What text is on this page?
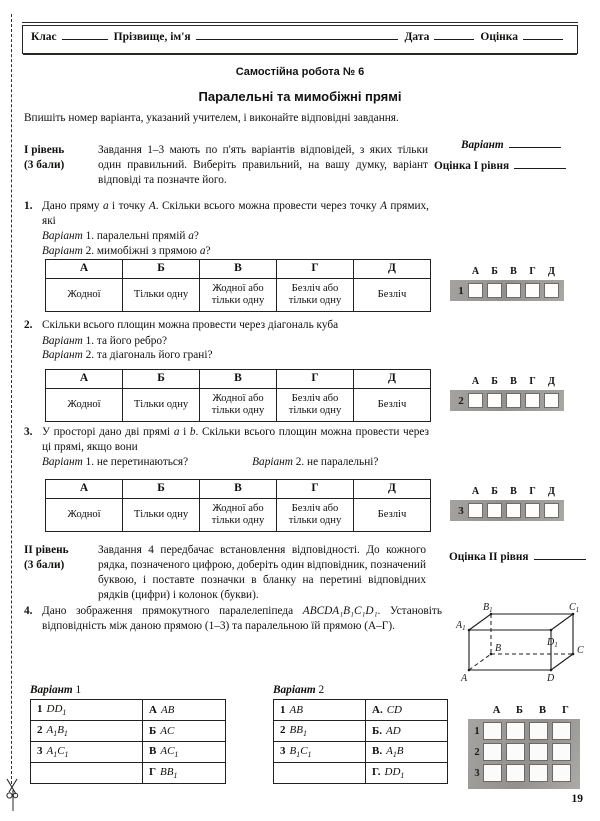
Клас	Прізвище, ім'я	Дата	Оцінка
Самостійна робота № 6
Паралельні та мимобіжні прямі
Впишіть номер варіанта, указаний учителем, і виконайте відповідні завдання.
Варіант
Оцінка I рівня
I рівень
(3 бали)
Завдання 1–3 мають по п'ять варіантів відповідей, з яких тільки один правильний. Виберіть правильний, на вашу думку, варіант відповіді та позначте його.
1. Дано пряму a і точку A. Скільки всього можна провести через точку A прямих, які
Варіант 1. паралельні прямій a?
Варіант 2. мимобіжні з прямою a?
А	Б	В	Г	Д
Жодної	Тільки одну	Жодної або тільки одну	Безліч або тільки одну	Безліч
А	Б	В	Г	Д
1
2. Скільки всього площин можна провести через діагональ куба
Варіант 1. та його ребро?
Варіант 2. та діагональ його грані?
А	Б	В	Г	Д
Жодної	Тільки одну	Жодної або тільки одну	Безліч або тільки одну	Безліч
А	Б	В	Г	Д
2
3. У просторі дано дві прямі a і b. Скільки всього площин можна провести через ці прямі, якщо вони
Варіант 1. не перетинаються?	Варіант 2. не паралельні?
А	Б	В	Г	Д
Жодної	Тільки одну	Жодної або тільки одну	Безліч або тільки одну	Безліч
А	Б	В	Г	Д
3
II рівень
(3 бали)
Завдання 4 передбачає встановлення відповідності. До кожного рядка, позначеного цифрою, доберіть один відповідник, позначений буквою, і поставте позначки в бланку на перетині відповідних рядків (цифри) і колонок (букви).
Оцінка II рівня
4. Дано зображення прямокутного паралелепіпеда ABCDA₁B₁C₁D₁. Установіть відповідність між даною прямою (1–3) та паралельною їй прямою (А–Г).
A
B	C
D
$A_1$
$B_1$	$C_1$
$D_1$
Варіант 1
1 $DD_1$	А AB
2 $A_1B_1$	Б AC
3 $A_1C_1$	В $AC_1$
	Г $BB_1$
Варіант 2
1 AB	А. CD
2 $BB_1$	Б. AD
3 $B_1C_1$	В. $A_1B$
	Г. $DD_1$
А	Б	В	Г
1
2
3
19
